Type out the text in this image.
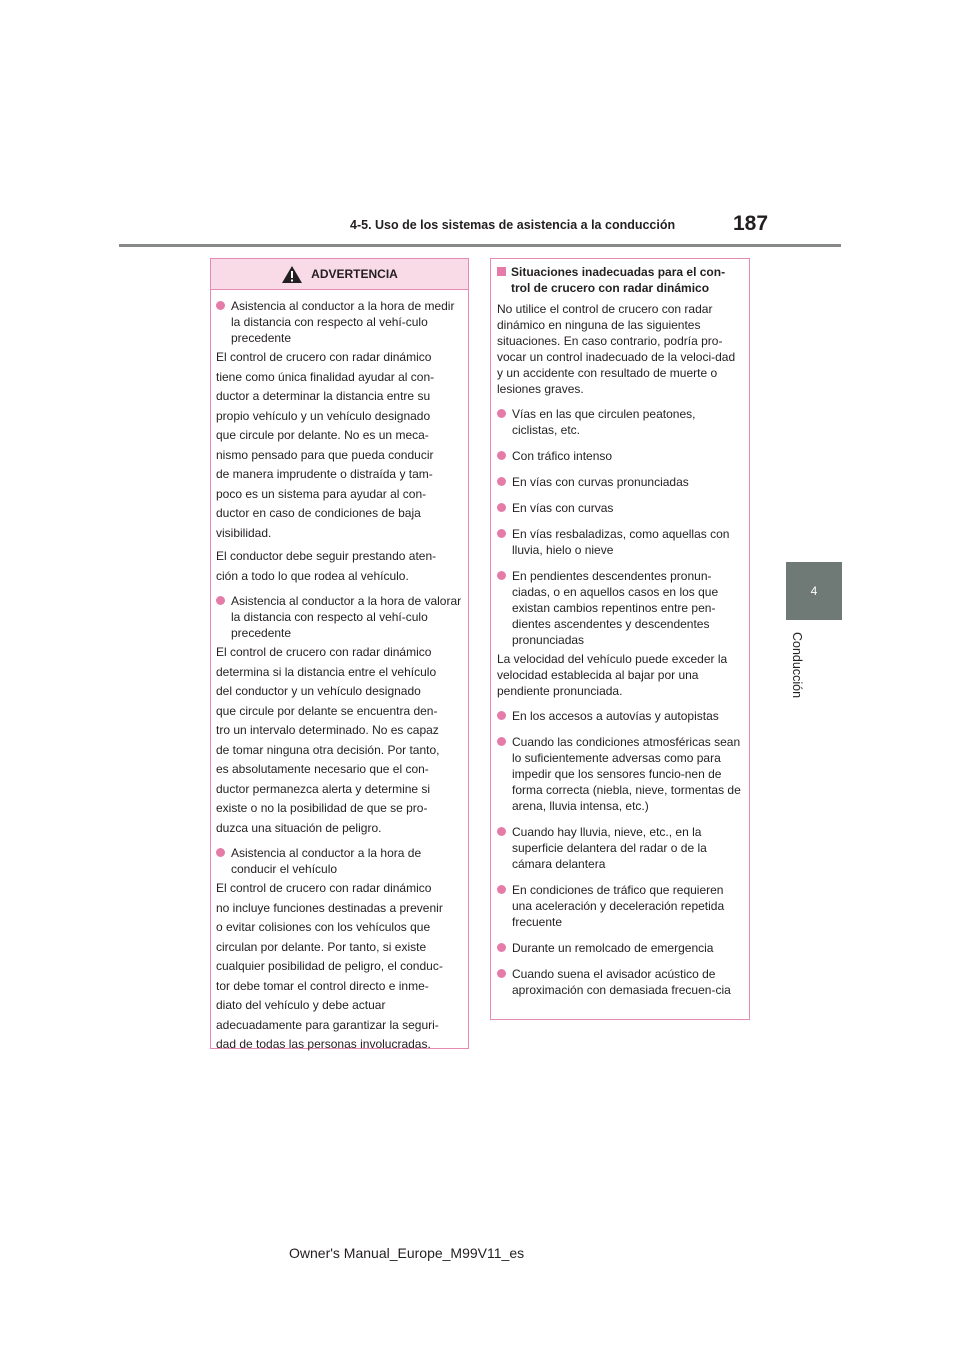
4-5. Uso de los sistemas de asistencia a la conducción	187
4
Conducción
ADVERTENCIA
Asistencia al conductor a la hora de medir la distancia con respecto al vehí-culo precedente
El control de crucero con radar dinámico
tiene como única finalidad ayudar al con-
ductor a determinar la distancia entre su
propio vehículo y un vehículo designado
que circule por delante. No es un meca-
nismo pensado para que pueda conducir
de manera imprudente o distraída y tam-
poco es un sistema para ayudar al con-
ductor en caso de condiciones de baja
visibilidad.
El conductor debe seguir prestando aten-
ción a todo lo que rodea al vehículo.
Asistencia al conductor a la hora de valorar la distancia con respecto al vehí-culo precedente
El control de crucero con radar dinámico
determina si la distancia entre el vehículo
del conductor y un vehículo designado
que circule por delante se encuentra den-
tro un intervalo determinado. No es capaz
de tomar ninguna otra decisión. Por tanto,
es absolutamente necesario que el con-
ductor permanezca alerta y determine si
existe o no la posibilidad de que se pro-
duzca una situación de peligro.
Asistencia al conductor a la hora de conducir el vehículo
El control de crucero con radar dinámico
no incluye funciones destinadas a prevenir
o evitar colisiones con los vehículos que
circulan por delante. Por tanto, si existe
cualquier posibilidad de peligro, el conduc-
tor debe tomar el control directo e inme-
diato del vehículo y debe actuar
adecuadamente para garantizar la seguri-
dad de todas las personas involucradas.
Situaciones inadecuadas para el con-trol de crucero con radar dinámico
No utilice el control de crucero con radar dinámico en ninguna de las siguientes situaciones. En caso contrario, podría pro-vocar un control inadecuado de la veloci-dad y un accidente con resultado de muerte o lesiones graves.
Vías en las que circulen peatones, ciclistas, etc.
Con tráfico intenso
En vías con curvas pronunciadas
En vías con curvas
En vías resbaladizas, como aquellas con lluvia, hielo o nieve
En pendientes descendentes pronun-ciadas, o en aquellos casos en los que existan cambios repentinos entre pen-dientes ascendentes y descendentes pronunciadas
La velocidad del vehículo puede exceder la velocidad establecida al bajar por una pendiente pronunciada.
En los accesos a autovías y autopistas
Cuando las condiciones atmosféricas sean lo suficientemente adversas como para impedir que los sensores funcio-nen de forma correcta (niebla, nieve, tormentas de arena, lluvia intensa, etc.)
Cuando hay lluvia, nieve, etc., en la superficie delantera del radar o de la cámara delantera
En condiciones de tráfico que requieren una aceleración y deceleración repetida frecuente
Durante un remolcado de emergencia
Cuando suena el avisador acústico de aproximación con demasiada frecuen-cia
Owner's Manual_Europe_M99V11_es
